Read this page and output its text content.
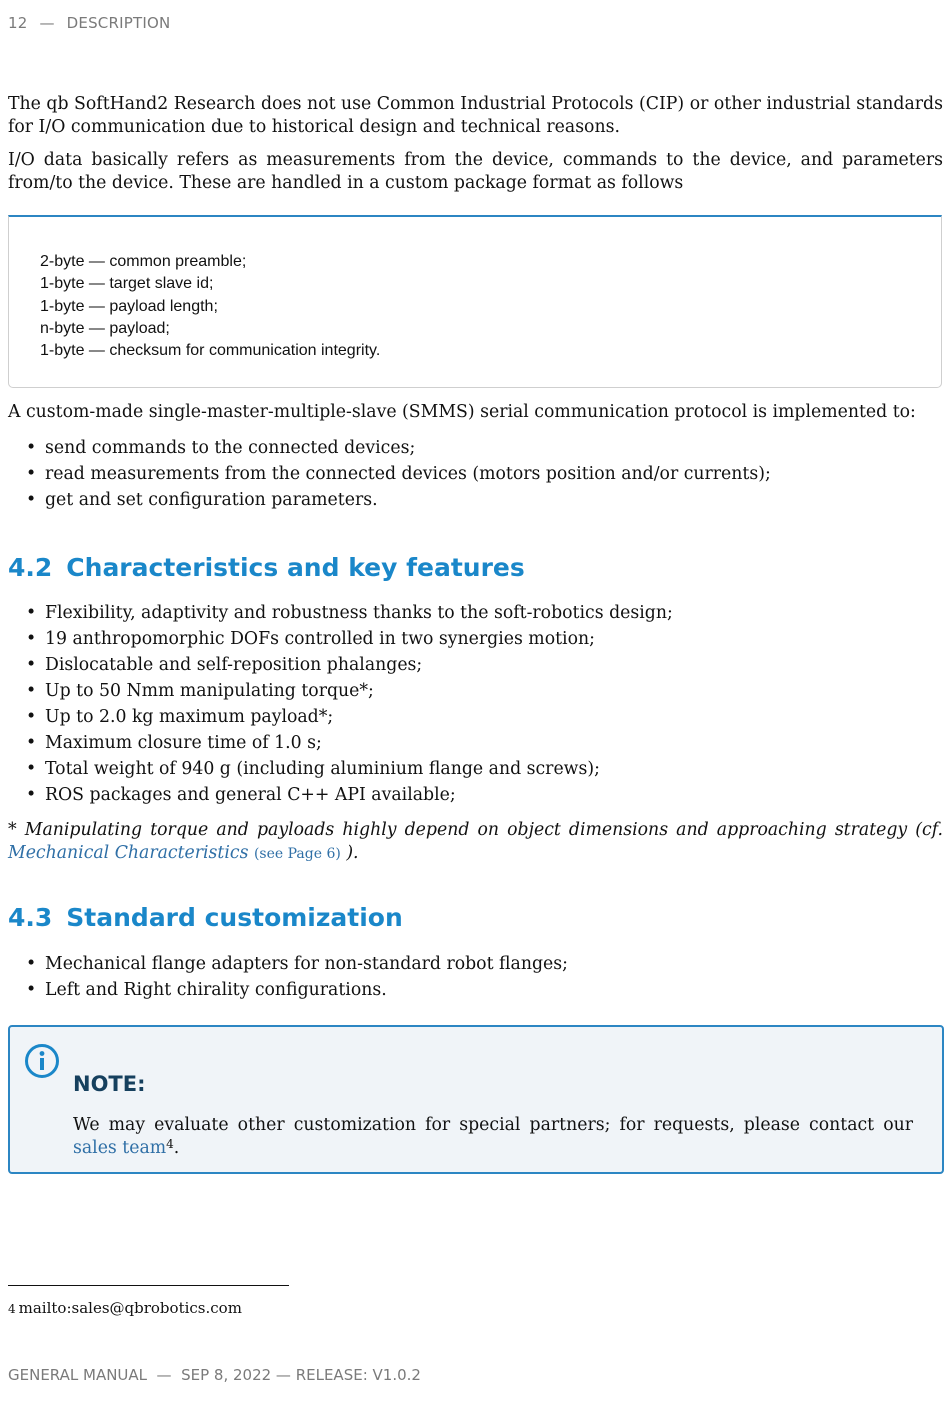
12 — DESCRIPTION

The qb SoftHand2 Research does not use Common Industrial Protocols (CIP) or other industrial standards for I/O communication due to historical design and technical reasons.

I/O data basically refers as measurements from the device, commands to the device, and parameters from/to the device. These are handled in a custom package format as follows

2-byte — common preamble;
1-byte — target slave id;
1-byte — payload length;
n-byte — payload;
1-byte — checksum for communication integrity.

A custom-made single-master-multiple-slave (SMMS) serial communication protocol is implemented to:

• send commands to the connected devices;
• read measurements from the connected devices (motors position and/or currents);
• get and set configuration parameters.
4.2 Characteristics and key features
• Flexibility, adaptivity and robustness thanks to the soft-robotics design;
• 19 anthropomorphic DOFs controlled in two synergies motion;
• Dislocatable and self-reposition phalanges;
• Up to 50 Nmm manipulating torque*;
• Up to 2.0 kg maximum payload*;
• Maximum closure time of 1.0 s;
• Total weight of 940 g (including aluminium flange and screws);
• ROS packages and general C++ API available;

* Manipulating torque and payloads highly depend on object dimensions and approaching strategy (cf. Mechanical Characteristics (see Page 6) ).

4.3 Standard customization
• Mechanical flange adapters for non-standard robot flanges;
• Left and Right chirality configurations.
NOTE:

We may evaluate other customization for special partners; for requests, please contact our sales team$^4$.

4 mailto:sales@qbrobotics.com
GENERAL MANUAL  —  SEP 8, 2022 — RELEASE: V1.0.2
